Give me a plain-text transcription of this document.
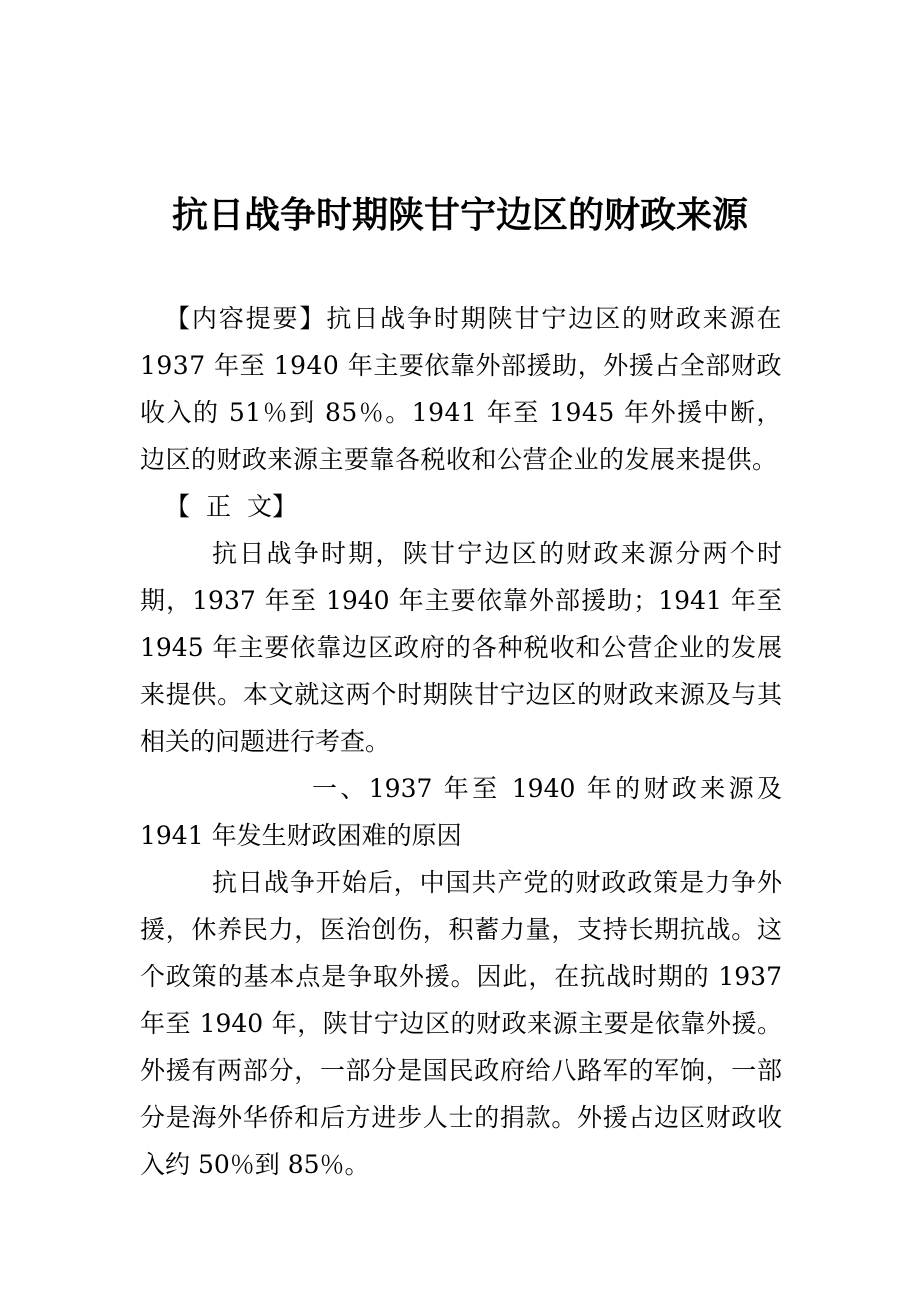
抗日战争时期陕甘宁边区的财政来源

【内容提要】抗日战争时期陕甘宁边区的财政来源在1937 年至 1940 年主要依靠外部援助，外援占全部财政收入的 51％到 85％。1941 年至 1945 年外援中断，边区的财政来源主要靠各税收和公营企业的发展来提供。

【 正 文】

抗日战争时期，陕甘宁边区的财政来源分两个时期，1937 年至 1940 年主要依靠外部援助；1941 年至 1945 年主要依靠边区政府的各种税收和公营企业的发展来提供。本文就这两个时期陕甘宁边区的财政来源及与其相关的问题进行考查。

一、1937 年至 1940 年的财政来源及 1941 年发生财政困难的原因

抗日战争开始后，中国共产党的财政政策是力争外援，休养民力，医治创伤，积蓄力量，支持长期抗战。这个政策的基本点是争取外援。因此，在抗战时期的 1937 年至 1940 年，陕甘宁边区的财政来源主要是依靠外援。外援有两部分，一部分是国民政府给八路军的军饷，一部分是海外华侨和后方进步人士的捐款。外援占边区财政收入约 50％到 85％。
